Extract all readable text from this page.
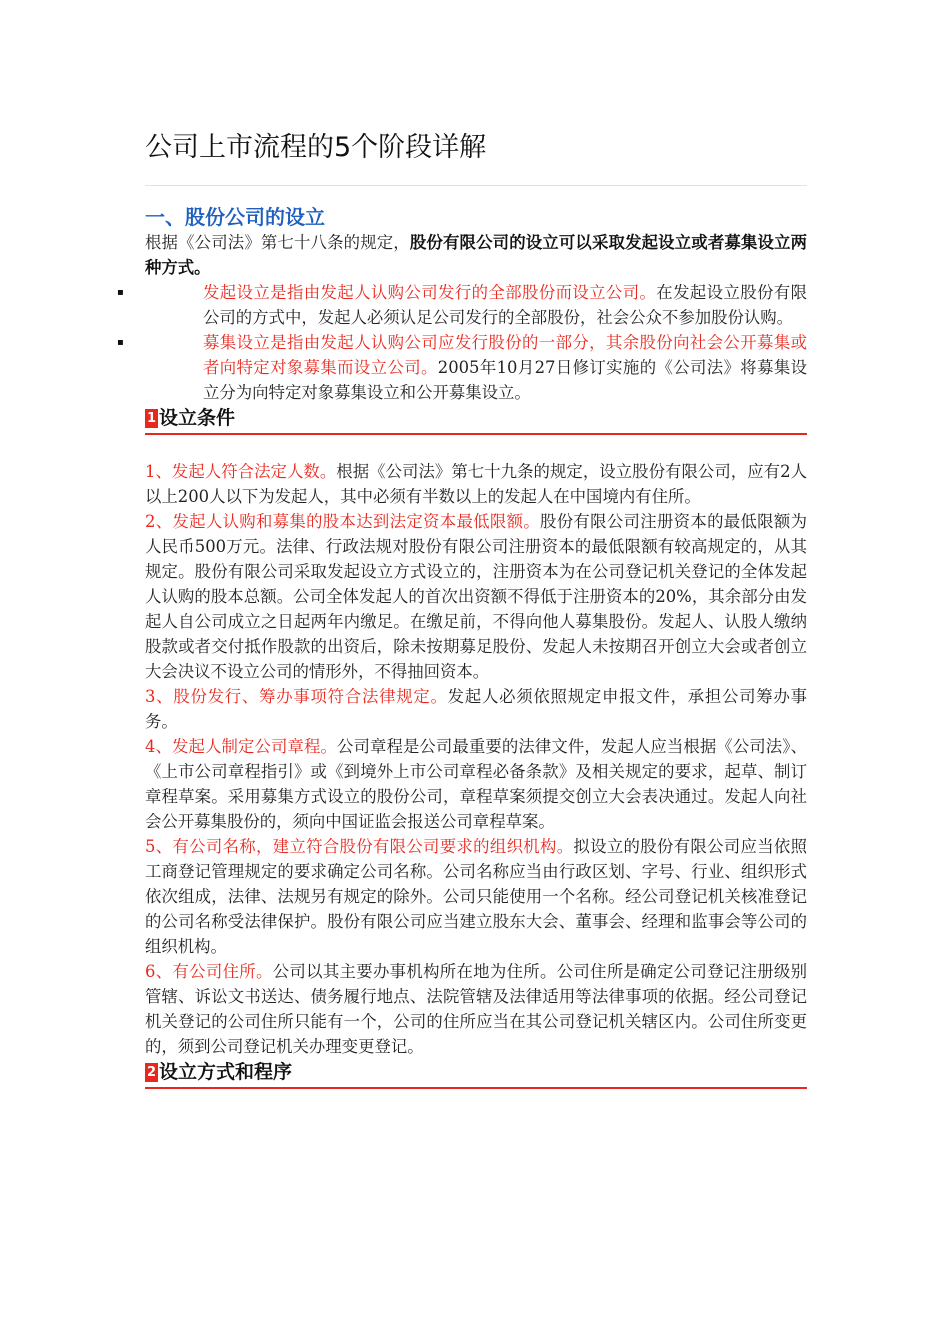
公司上市流程的5个阶段详解
一、股份公司的设立

根据《公司法》第七十八条的规定，股份有限公司的设立可以采取发起设立或者募集设立两种方式。

▪	发起设立是指由发起人认购公司发行的全部股份而设立公司。在发起设立股份有限公司的方式中，发起人必须认足公司发行的全部股份，社会公众不参加股份认购。

▪	募集设立是指由发起人认购公司应发行股份的一部分，其余股份向社会公开募集或者向特定对象募集而设立公司。2005年10月27日修订实施的《公司法》将募集设立分为向特定对象募集设立和公开募集设立。

1 设立条件

1、发起人符合法定人数。根据《公司法》第七十九条的规定，设立股份有限公司，应有2人以上200人以下为发起人，其中必须有半数以上的发起人在中国境内有住所。

2、发起人认购和募集的股本达到法定资本最低限额。股份有限公司注册资本的最低限额为人民币500万元。法律、行政法规对股份有限公司注册资本的最低限额有较高规定的，从其规定。股份有限公司采取发起设立方式设立的，注册资本为在公司登记机关登记的全体发起人认购的股本总额。公司全体发起人的首次出资额不得低于注册资本的20%，其余部分由发起人自公司成立之日起两年内缴足。在缴足前，不得向他人募集股份。发起人、认股人缴纳股款或者交付抵作股款的出资后，除未按期募足股份、发起人未按期召开创立大会或者创立大会决议不设立公司的情形外，不得抽回资本。

3、股份发行、筹办事项符合法律规定。发起人必须依照规定申报文件，承担公司筹办事务。

4、发起人制定公司章程。公司章程是公司最重要的法律文件，发起人应当根据《公司法》、《上市公司章程指引》或《到境外上市公司章程必备条款》及相关规定的要求，起草、制订章程草案。采用募集方式设立的股份公司，章程草案须提交创立大会表决通过。发起人向社会公开募集股份的，须向中国证监会报送公司章程草案。

5、有公司名称，建立符合股份有限公司要求的组织机构。拟设立的股份有限公司应当依照工商登记管理规定的要求确定公司名称。公司名称应当由行政区划、字号、行业、组织形式依次组成，法律、法规另有规定的除外。公司只能使用一个名称。经公司登记机关核准登记的公司名称受法律保护。股份有限公司应当建立股东大会、董事会、经理和监事会等公司的组织机构。

6、有公司住所。公司以其主要办事机构所在地为住所。公司住所是确定公司登记注册级别管辖、诉讼文书送达、债务履行地点、法院管辖及法律适用等法律事项的依据。经公司登记机关登记的公司住所只能有一个，公司的住所应当在其公司登记机关辖区内。公司住所变更的，须到公司登记机关办理变更登记。

2 设立方式和程序
